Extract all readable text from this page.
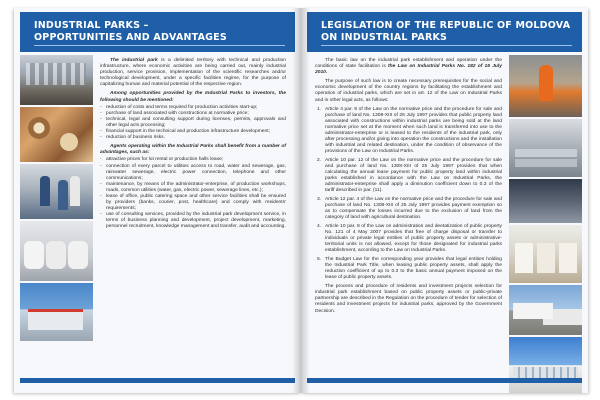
INDUSTRIAL PARKS –
OPPORTUNITIES AND ADVANTAGES

The industrial park is a delimited territory with technical and production infrastructure, where economic activities are being carried out, mainly industrial production, service provision, implementation of the scientific researches and/or technological development, under a specific facilities regime, for the purpose of capitalizing human and material potential of the respective region.

Among opportunities provided by the Industrial Parks to investors, the following should be mentioned:

- reduction of costs and terms required for production activities start-up;
- purchase of land associated with constructions at normative price;
- technical, legal and consulting support during licenses, permits, approvals and other legal acts processing;
- financial support in the technical and production infrastructure development;
- reduction of business risks.

Agents operating within the Industrial Parks shall benefit from a number of advantages, such as:

- attractive prices for lot rental or production halls lease;
- connection of every parcel to utilities access to road, water and sewerage, gas, rainwater sewerage, electric power connection, telephone and other communications;
- maintenance, by means of the administrator-enterprise, of production workshops, roads, common utilities (water, gas, electric power, sewerage lines, etc.);
- lease of office, public catering space and other service facilities shall be ensured by providers (banks, courier, post, healthcare) and comply with residents' requirements;
- use of consulting services, provided by the industrial park development service, in terms of business planning and development, project development, marketing, personnel recruitment, knowledge management and transfer, audit and accounting.
LEGISLATION OF THE REPUBLIC OF MOLDOVA
ON INDUSTRIAL PARKS

The basic law on the industrial park establishment and operation under the conditions of state facilitation is the Law on Industrial Parks No. 182 of 15 July 2010.

The purpose of such law is to create necessary prerequisites for the social and economic development of the country regions by facilitating the establishment and operation of industrial parks, which are set in art. 12 of the Law on Industrial Parks and in other legal acts, as follows:

1. Article 4 par. 9 of the Law on the normative price and the procedure for sale and purchase of land No. 1308-XIII of 25 July 1997 provides that public property land associated with constructions within industrial parks are being sold at the land normative price set at the moment when such land is transferred into use to the administrator-enterprise or is leased to the residents of the industrial park, only after processing and/or giving into operation the constructions and the installation with industrial and related destination, under the condition of observance of the provisions of the Law on Industrial Parks.
2. Article 10 par. 12 of the Law on the normative price and the procedure for sale and purchase of land No. 1308-XIII of 25 July 1997 provides that when calculating the annual lease payment for public property land within industrial parks established in accordance with the Law on Industrial Parks, the administrator-enterprise shall apply a diminution coefficient down to 0.3 of the tariff described in par. (11).
3. Article 12 par. 4 of the Law on the normative price and the procedure for sale and purchase of land No. 1308-XIII of 25 July 1997 provides payment exemption so as to compensate the losses incurred due to the exclusion of land from the category of land with agricultural destination.
4. Article 10 par. 8 of the Law on administration and deetatization of public property No. 121 of 4 May 2007 provides that free of charge disposal or transfer to individuals or private legal entities of public property assets or administrative-territorial units is not allowed, except for those designated for industrial parks establishment, according to the Law on Industrial Parks.
5. The Budget Law for the corresponding year provides that legal entities holding the Industrial Park Title, when leasing public property assets, shall apply the reduction coefficient of up to 0.3 to the basic annual payment imposed on the lease of public property assets.

The process and procedure of residents and investment projects selection for industrial park establishment based on public property assets or public-private partnership are described in the Regulation on the procedure of tender for selection of residents and investment projects for industrial parks, approved by the Government Decision.
